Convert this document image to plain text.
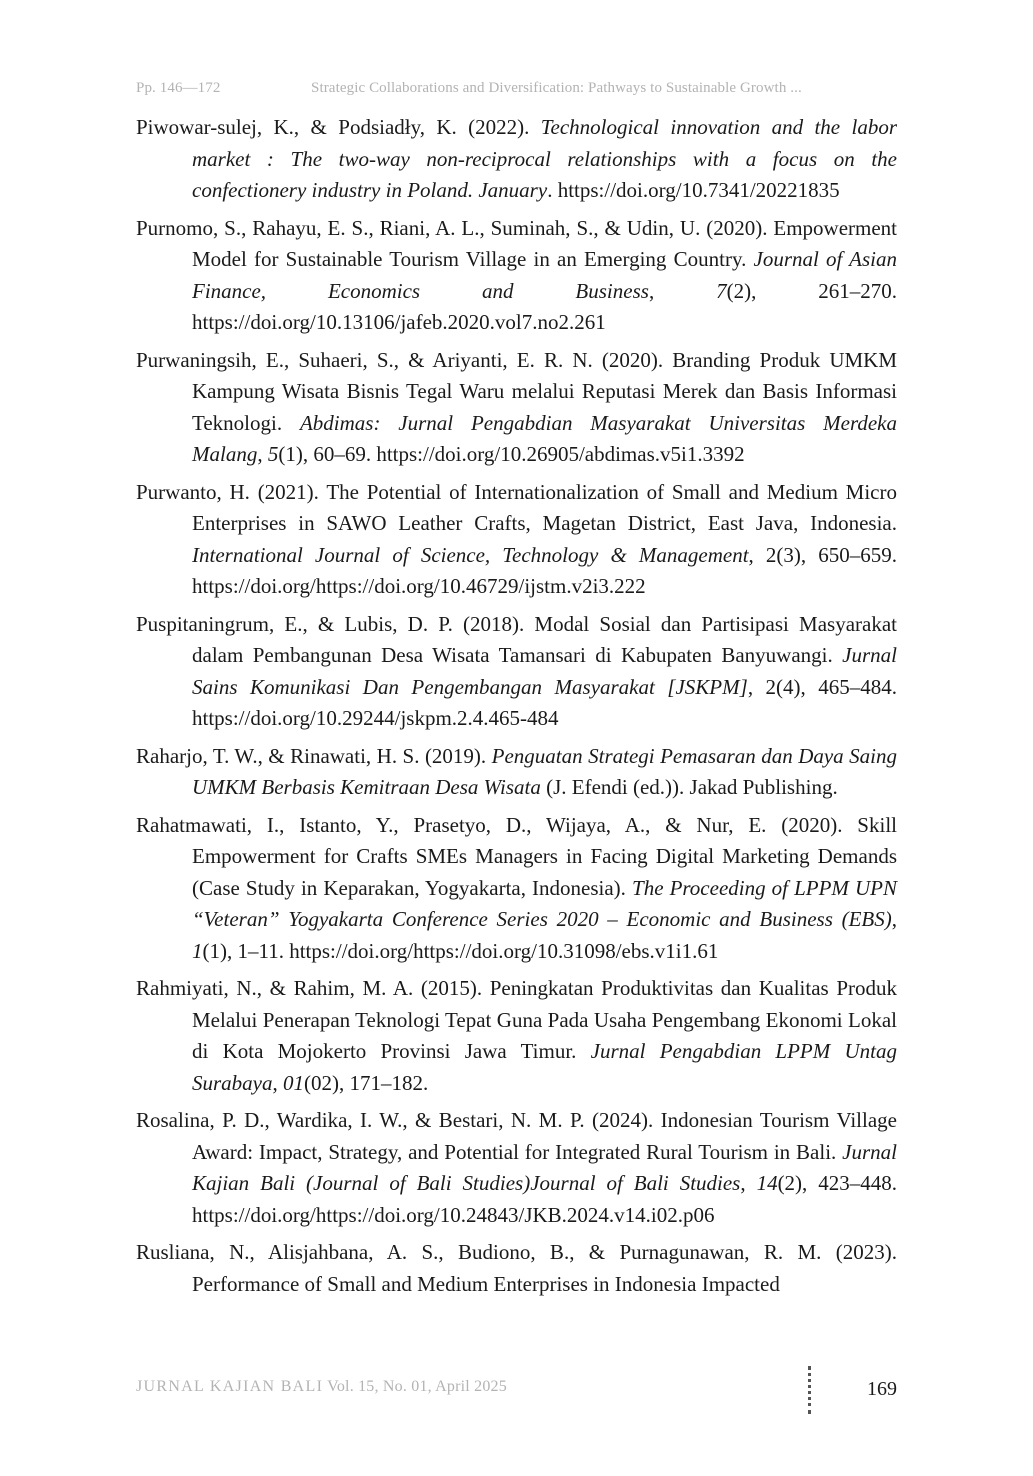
Pp. 146—172	Strategic Collaborations and Diversification: Pathways to Sustainable Growth ...

Piwowar-sulej, K., & Podsiadły, K. (2022). Technological innovation and the labor market : The two-way non-reciprocal relationships with a focus on the confectionery industry in Poland. January. https://doi.org/10.7341/20221835

Purnomo, S., Rahayu, E. S., Riani, A. L., Suminah, S., & Udin, U. (2020). Empowerment Model for Sustainable Tourism Village in an Emerging Country. Journal of Asian Finance, Economics and Business, 7(2), 261–270. https://doi.org/10.13106/jafeb.2020.vol7.no2.261

Purwaningsih, E., Suhaeri, S., & Ariyanti, E. R. N. (2020). Branding Produk UMKM Kampung Wisata Bisnis Tegal Waru melalui Reputasi Merek dan Basis Informasi Teknologi. Abdimas: Jurnal Pengabdian Masyarakat Universitas Merdeka Malang, 5(1), 60–69. https://doi.org/10.26905/abdimas.v5i1.3392

Purwanto, H. (2021). The Potential of Internationalization of Small and Medium Micro Enterprises in SAWO Leather Crafts, Magetan District, East Java, Indonesia. International Journal of Science, Technology & Management, 2(3), 650–659. https://doi.org/https://doi.org/10.46729/ijstm.v2i3.222

Puspitaningrum, E., & Lubis, D. P. (2018). Modal Sosial dan Partisipasi Masyarakat dalam Pembangunan Desa Wisata Tamansari di Kabupaten Banyuwangi. Jurnal Sains Komunikasi Dan Pengembangan Masyarakat [JSKPM], 2(4), 465–484. https://doi.org/10.29244/jskpm.2.4.465-484

Raharjo, T. W., & Rinawati, H. S. (2019). Penguatan Strategi Pemasaran dan Daya Saing UMKM Berbasis Kemitraan Desa Wisata (J. Efendi (ed.)). Jakad Publishing.

Rahatmawati, I., Istanto, Y., Prasetyo, D., Wijaya, A., & Nur, E. (2020). Skill Empowerment for Crafts SMEs Managers in Facing Digital Marketing Demands (Case Study in Keparakan, Yogyakarta, Indonesia). The Proceeding of LPPM UPN “Veteran” Yogyakarta Conference Series 2020 – Economic and Business (EBS), 1(1), 1–11. https://doi.org/https://doi.org/10.31098/ebs.v1i1.61

Rahmiyati, N., & Rahim, M. A. (2015). Peningkatan Produktivitas dan Kualitas Produk Melalui Penerapan Teknologi Tepat Guna Pada Usaha Pengembang Ekonomi Lokal di Kota Mojokerto Provinsi Jawa Timur. Jurnal Pengabdian LPPM Untag Surabaya, 01(02), 171–182.

Rosalina, P. D., Wardika, I. W., & Bestari, N. M. P. (2024). Indonesian Tourism Village Award: Impact, Strategy, and Potential for Integrated Rural Tourism in Bali. Jurnal Kajian Bali (Journal of Bali Studies)Journal of Bali Studies, 14(2), 423–448. https://doi.org/https://doi.org/10.24843/JKB.2024.v14.i02.p06

Rusliana, N., Alisjahbana, A. S., Budiono, B., & Purnagunawan, R. M. (2023). Performance of Small and Medium Enterprises in Indonesia Impacted

JURNAL KAJIAN BALI Vol. 15, No. 01, April 2025	169
